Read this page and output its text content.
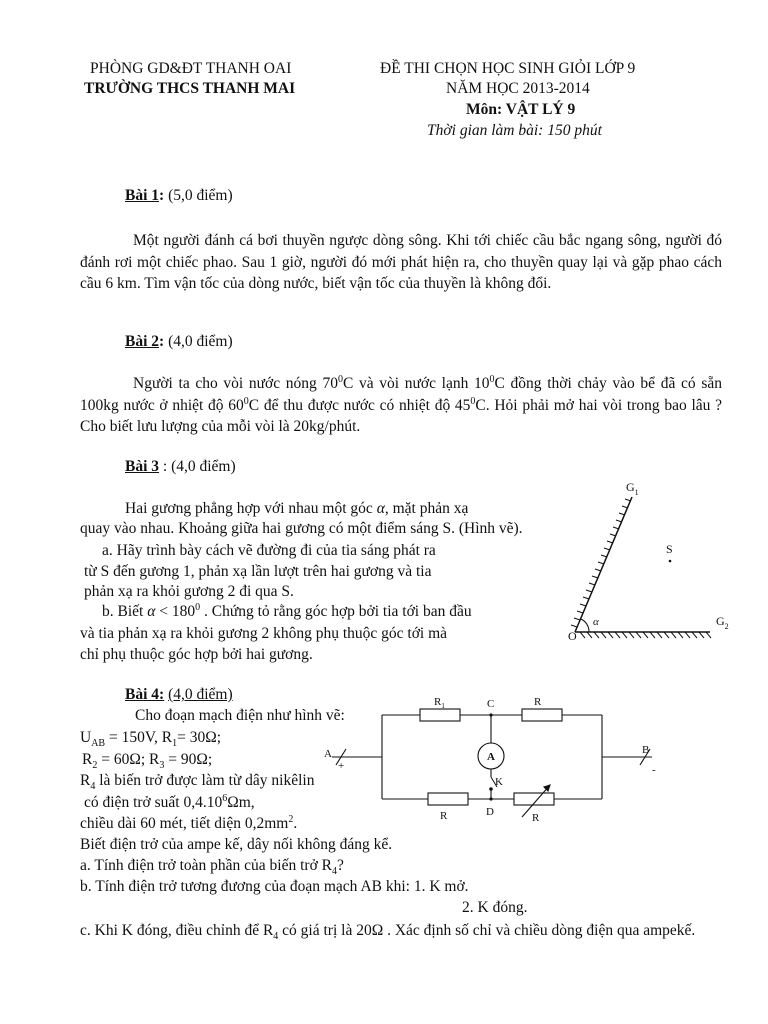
PHÒNG GD&ĐT THANH OAI
TRƯỜNG THCS THANH MAI
ĐỀ THI CHỌN HỌC SINH GIỎI LỚP 9
NĂM HỌC 2013-2014
Môn: VẬT LÝ 9
Thời gian làm bài: 150 phút
Bài 1: (5,0 điểm)
Một người đánh cá bơi thuyền ngược dòng sông. Khi tới chiếc cầu bắc ngang sông, người đó đánh rơi một chiếc phao. Sau 1 giờ, người đó mới phát hiện ra, cho thuyền quay lại và gặp phao cách cầu 6 km. Tìm vận tốc của dòng nước, biết vận tốc của thuyền là không đổi.
Bài 2: (4,0 điểm)
Người ta cho vòi nước nóng $70^0C$ và vòi nước lạnh $10^0C$ đồng thời chảy vào bể đã có sẵn 100kg nước ở nhiệt độ $60^0C$ để thu được nước có nhiệt độ $45^0C$. Hỏi phải mở hai vòi trong bao lâu ? Cho biết lưu lượng của mỗi vòi là 20kg/phút.
Bài 3 : (4,0 điểm)
Hai gương phẳng hợp với nhau một góc α, mặt phản xạ
quay vào nhau. Khoảng giữa hai gương có một điểm sáng S. (Hình vẽ).
a. Hãy trình bày cách vẽ đường đi của tia sáng phát ra
từ S đến gương 1, phản xạ lần lượt trên hai gương và tia
phản xạ ra khỏi gương 2 đi qua S.
b. Biết $\alpha < 180^0$ . Chứng tỏ rằng góc hợp bởi tia tới ban đầu
và tia phản xạ ra khỏi gương 2 không phụ thuộc góc tới mà
chỉ phụ thuộc góc hợp bởi hai gương.
α
$G_1$
$G_2$
S
O
Bài 4: (4,0 điểm)
Cho đoạn mạch điện như hình vẽ:
$U_{AB} = 150V$, $R_1= 30\Omega$;
$R_2 = 60\Omega$; $R_3 = 90\Omega$;
$R_4$ là biến trở được làm từ dây nikêlin
có điện trở suất 0,4.10$^6$Ωm,
chiều dài 60 mét, tiết diện $0,2mm^2$.
Biết điện trở của ampe kế, dây nối không đáng kể.
a. Tính điện trở toàn phần của biến trở $R_4$?
b. Tính điện trở tương đương của đoạn mạch AB khi: 1. K mở.
2. K đóng.
c. Khi K đóng, điều chỉnh để $R_4$ có giá trị là 20Ω . Xác định số chỉ và chiều dòng điện qua ampekế.
A
$R_1$	R
R	R
C
D
K
A
+
B
-
